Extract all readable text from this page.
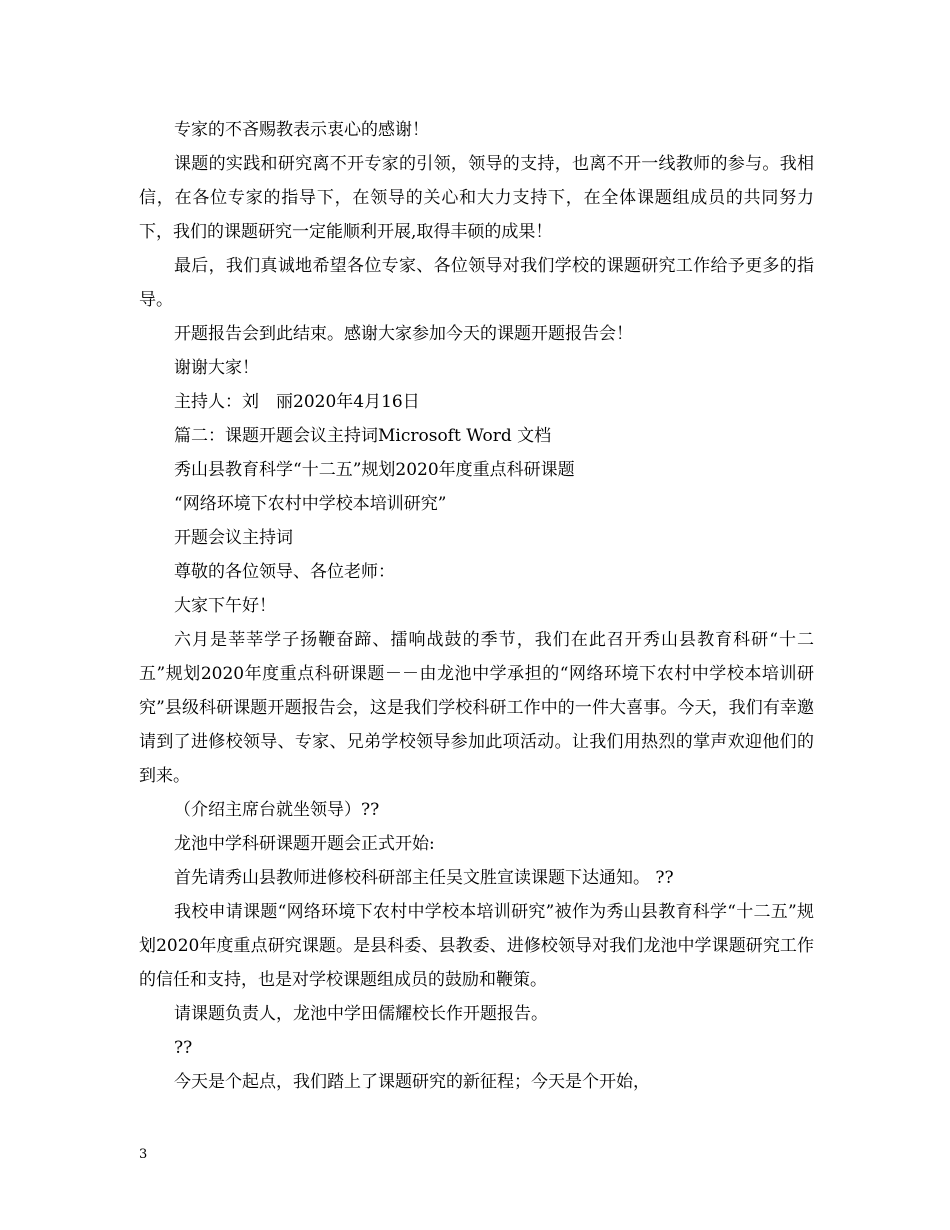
专家的不吝赐教表示衷心的感谢！

课题的实践和研究离不开专家的引领，领导的支持，也离不开一线教师的参与。我相信，在各位专家的指导下，在领导的关心和大力支持下，在全体课题组成员的共同努力下，我们的课题研究一定能顺利开展,取得丰硕的成果！

最后，我们真诚地希望各位专家、各位领导对我们学校的课题研究工作给予更多的指导。

开题报告会到此结束。感谢大家参加今天的课题开题报告会！

谢谢大家！

主持人：刘　丽2020年4月16日

篇二：课题开题会议主持词Microsoft Word 文档

秀山县教育科学“十二五”规划2020年度重点科研课题

“网络环境下农村中学校本培训研究”

开题会议主持词

尊敬的各位领导、各位老师：

大家下午好！

六月是莘莘学子扬鞭奋蹄、擂响战鼓的季节，我们在此召开秀山县教育科研“十二五”规划2020年度重点科研课题－－由龙池中学承担的“网络环境下农村中学校本培训研究”县级科研课题开题报告会，这是我们学校科研工作中的一件大喜事。今天，我们有幸邀请到了进修校领导、专家、兄弟学校领导参加此项活动。让我们用热烈的掌声欢迎他们的到来。

（介绍主席台就坐领导）??

龙池中学科研课题开题会正式开始:

首先请秀山县教师进修校科研部主任吴文胜宣读课题下达通知。 ??

我校申请课题“网络环境下农村中学校本培训研究”被作为秀山县教育科学“十二五”规划2020年度重点研究课题。是县科委、县教委、进修校领导对我们龙池中学课题研究工作的信任和支持，也是对学校课题组成员的鼓励和鞭策。

请课题负责人，龙池中学田儒耀校长作开题报告。

??

今天是个起点，我们踏上了课题研究的新征程；今天是个开始，

3
